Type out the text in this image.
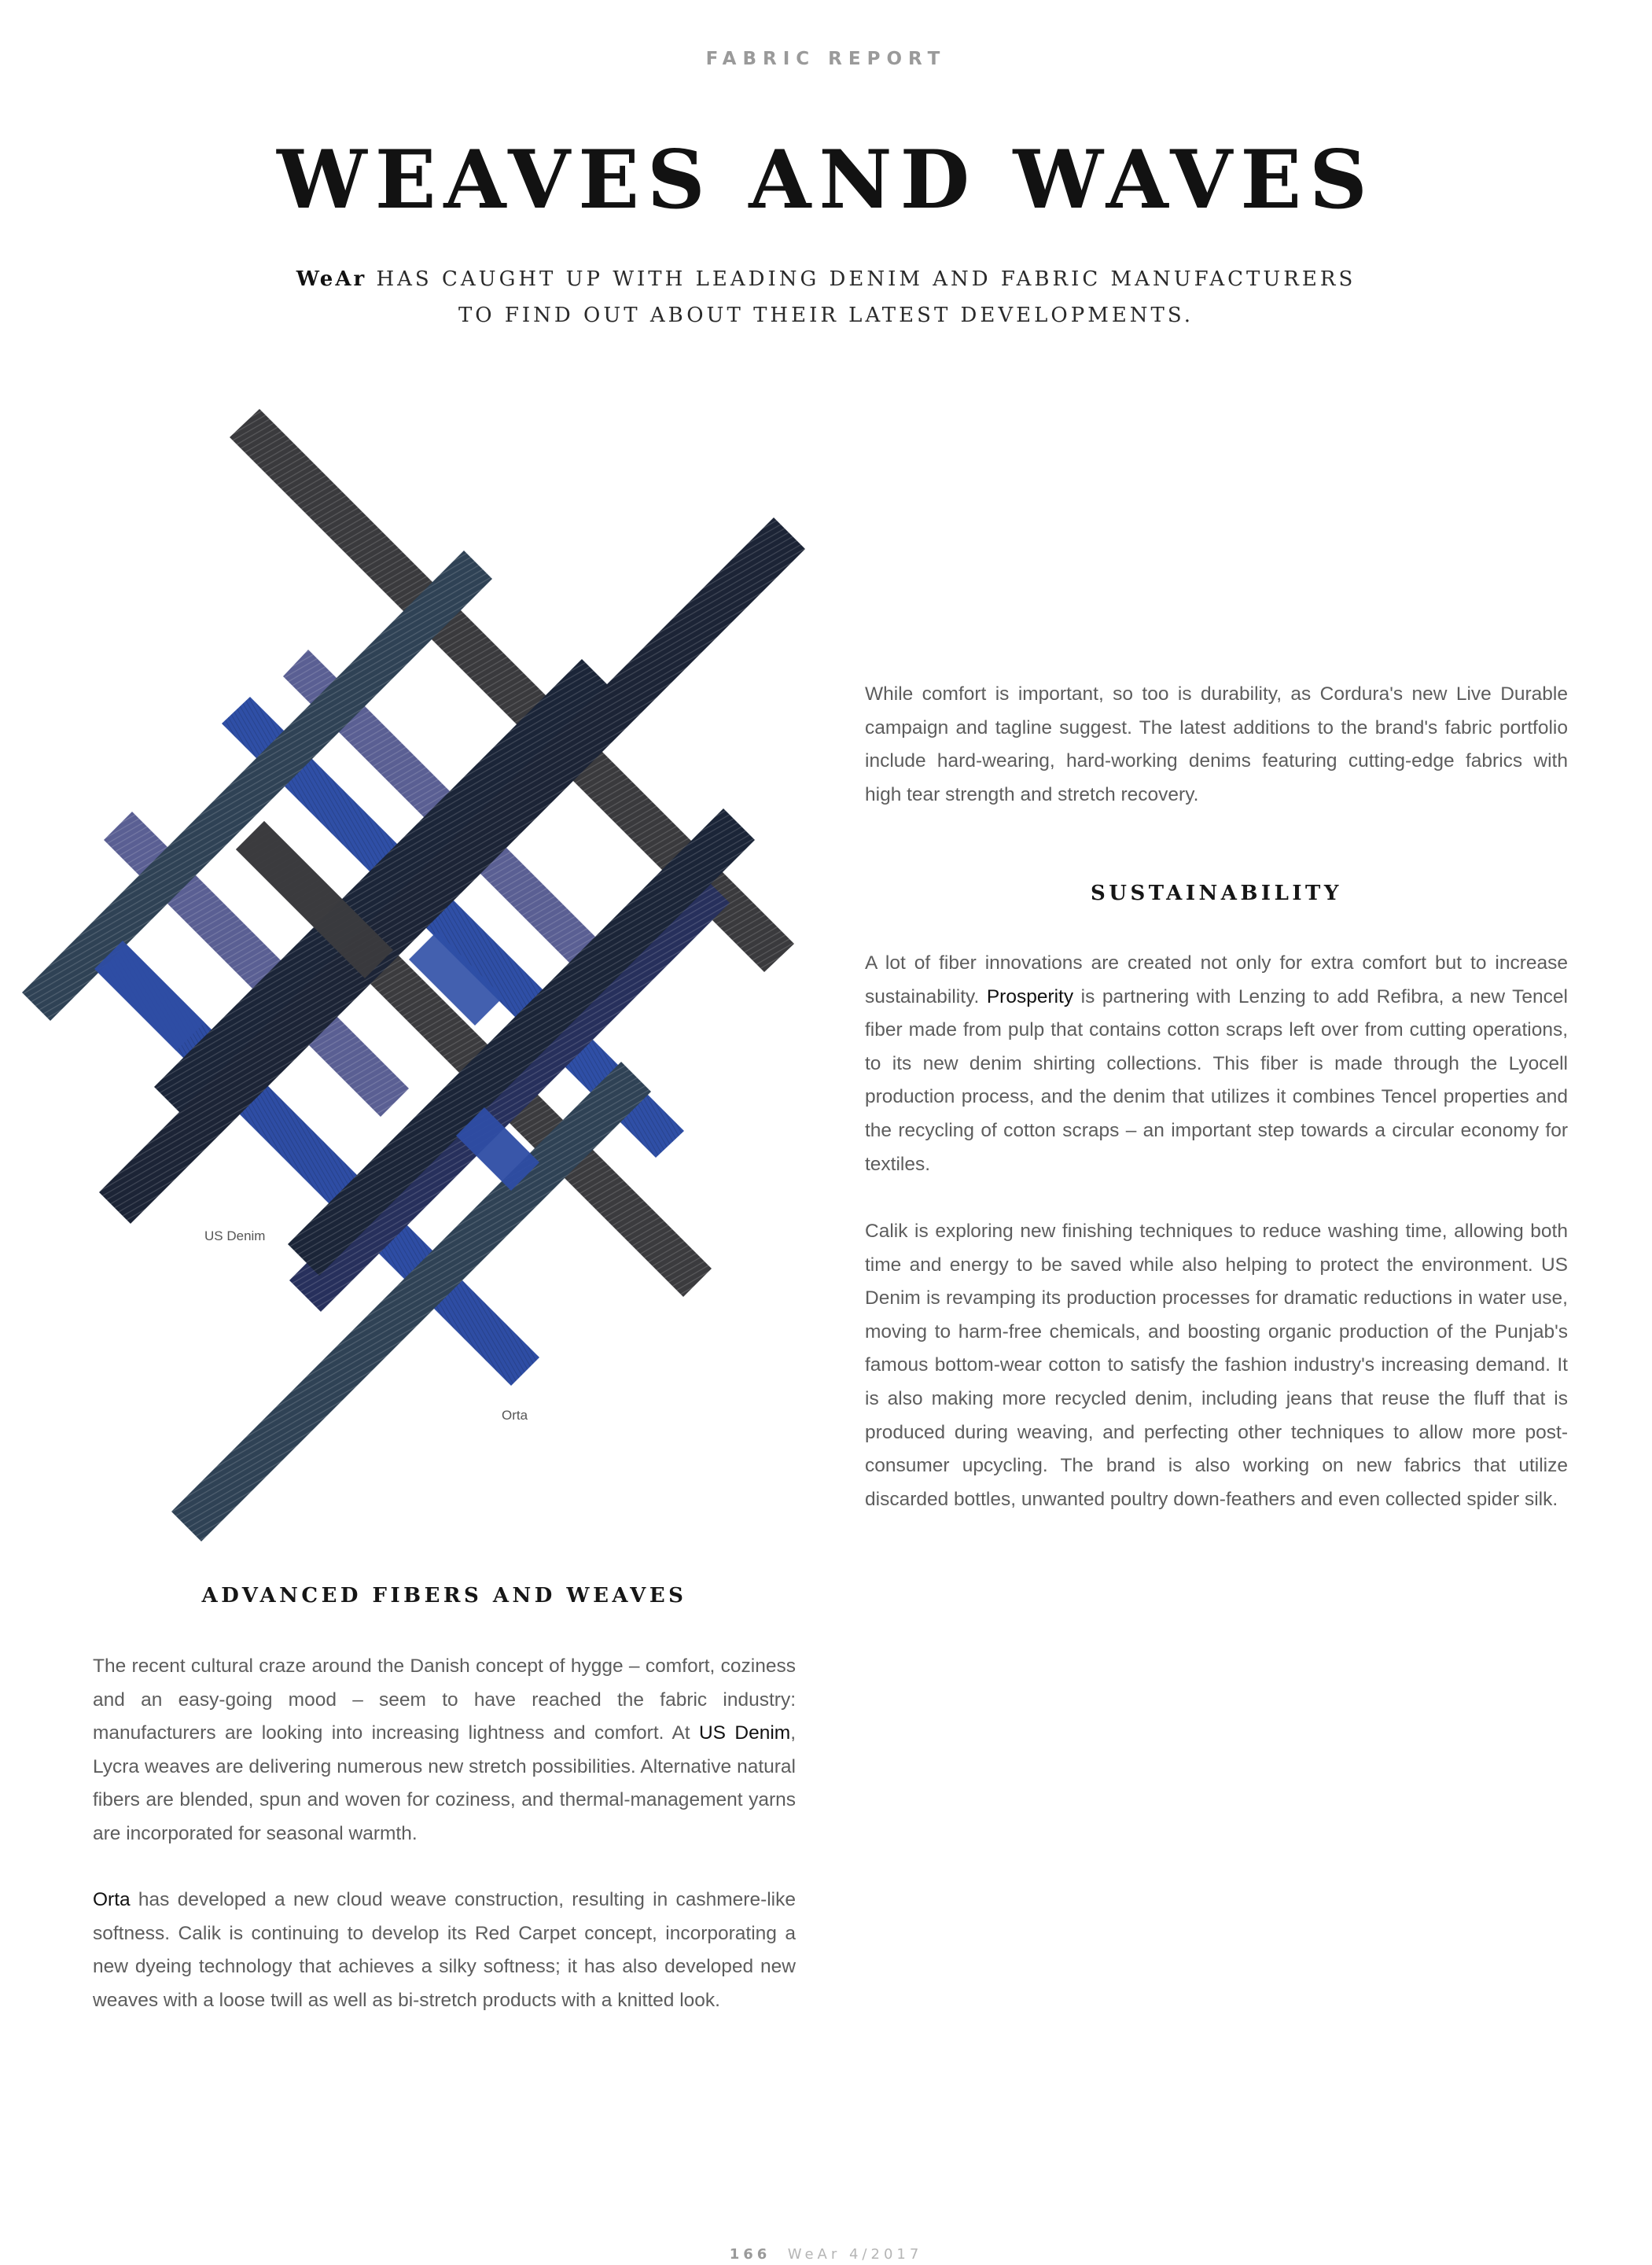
FABRIC REPORT
WEAVES AND WAVES
WeAr HAS CAUGHT UP WITH LEADING DENIM AND FABRIC MANUFACTURERS
TO FIND OUT ABOUT THEIR LATEST DEVELOPMENTS.
US Denim
Orta

While comfort is important, so too is durability, as Cordura's new Live Durable campaign and tagline suggest. The latest additions to the brand's fabric portfolio include hard-wearing, hard-working denims featuring cutting-edge fabrics with high tear strength and stretch recovery.

SUSTAINABILITY

A lot of fiber innovations are created not only for extra comfort but to increase sustainability. Prosperity is partnering with Lenzing to add Refibra, a new Tencel fiber made from pulp that contains cotton scraps left over from cutting operations, to its new denim shirting collections. This fiber is made through the Lyocell production process, and the denim that utilizes it combines Tencel properties and the recycling of cotton scraps – an important step towards a circular economy for textiles.

Calik is exploring new finishing techniques to reduce washing time, allowing both time and energy to be saved while also helping to protect the environment. US Denim is revamping its production processes for dramatic reductions in water use, moving to harm-free chemicals, and boosting organic production of the Punjab's famous bottom-wear cotton to satisfy the fashion industry's increasing demand. It is also making more recycled denim, including jeans that reuse the fluff that is produced during weaving, and perfecting other techniques to allow more post-consumer upcycling. The brand is also working on new fabrics that utilize discarded bottles, unwanted poultry down-feathers and even collected spider silk.

ADVANCED FIBERS AND WEAVES

The recent cultural craze around the Danish concept of hygge – comfort, coziness and an easy-going mood – seem to have reached the fabric industry: manufacturers are looking into increasing lightness and comfort. At US Denim, Lycra weaves are delivering numerous new stretch possibilities. Alternative natural fibers are blended, spun and woven for coziness, and thermal-management yarns are incorporated for seasonal warmth.

Orta has developed a new cloud weave construction, resulting in cashmere-like softness. Calik is continuing to develop its Red Carpet concept, incorporating a new dyeing technology that achieves a silky softness; it has also developed new weaves with a loose twill as well as bi-stretch products with a knitted look.

166 WeAr 4/2017
